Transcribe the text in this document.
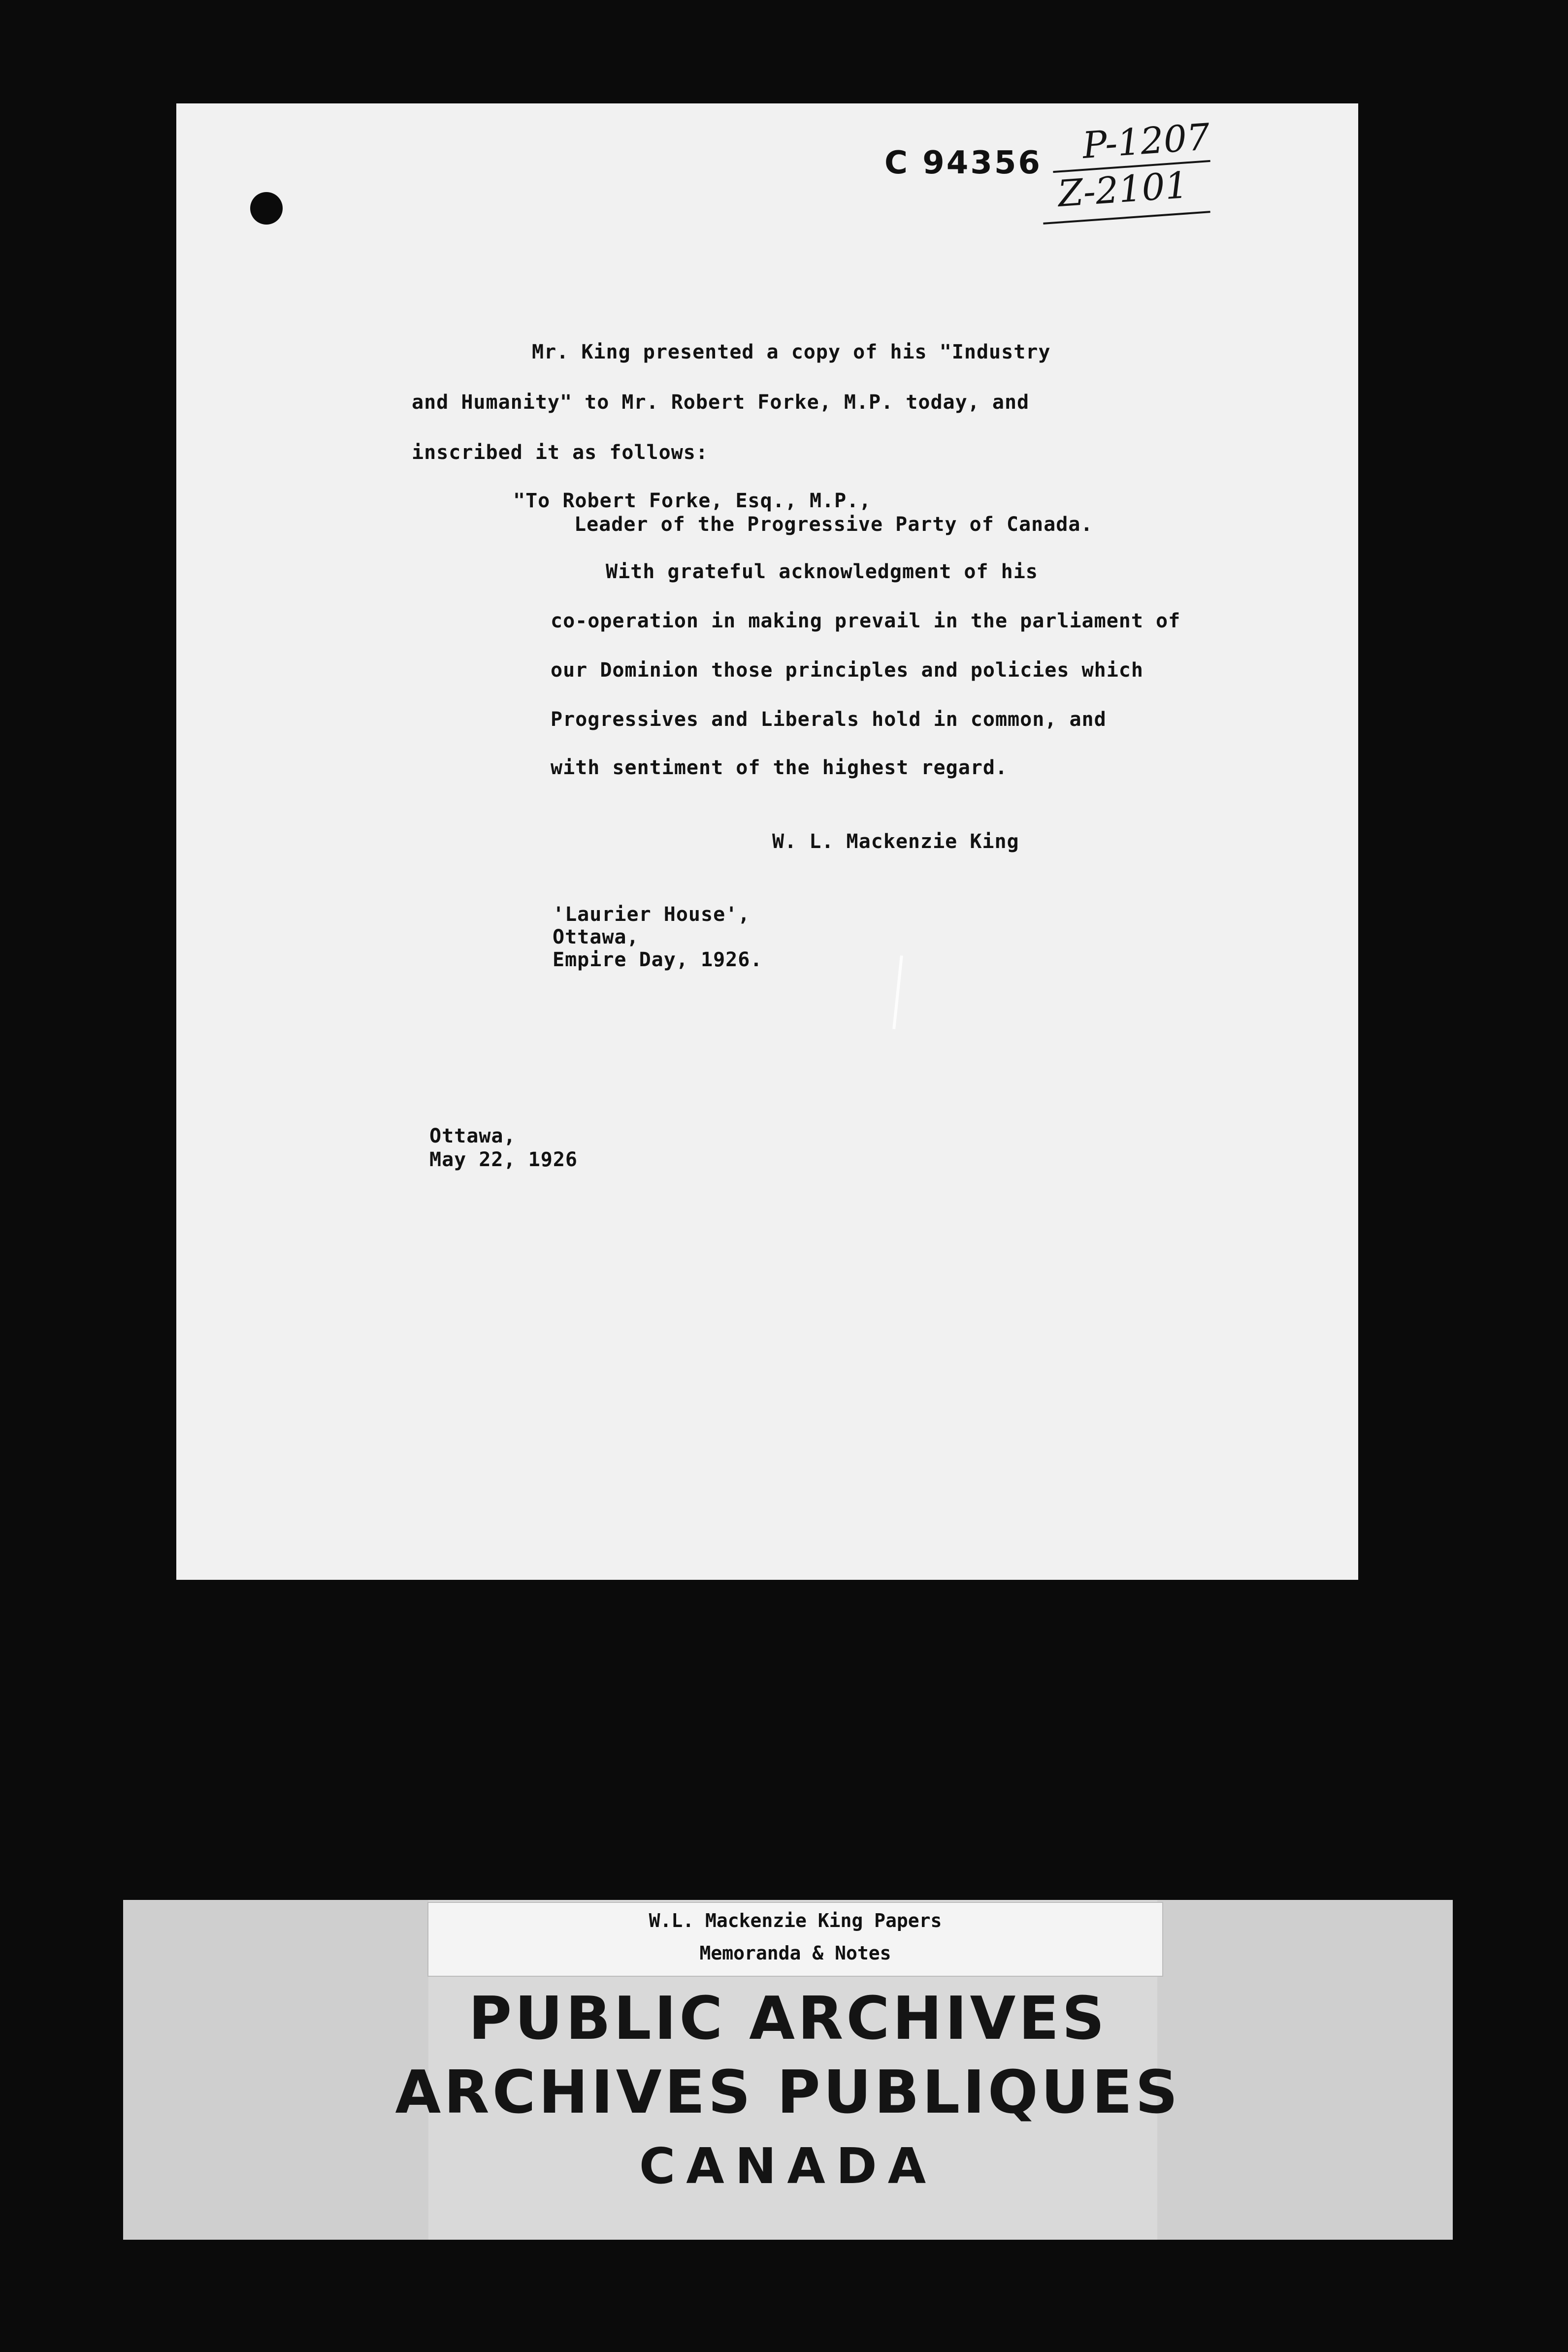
C 94356 P-1207
Z-2101
Mr. King presented a copy of his "Industry
and Humanity" to Mr. Robert Forke, M.P. today, and
inscribed it as follows:
"To Robert Forke, Esq., M.P.,
Leader of the Progressive Party of Canada.
With grateful acknowledgment of his
co-operation in making prevail in the parliament of
our Dominion those principles and policies which
Progressives and Liberals hold in common, and
with sentiment of the highest regard.
W. L. Mackenzie King
'Laurier House',
Ottawa,
Empire Day, 1926.
Ottawa,
May 22, 1926
W.L. Mackenzie King Papers
Memoranda & Notes
PUBLIC ARCHIVES
ARCHIVES PUBLIQUES
CANADA
